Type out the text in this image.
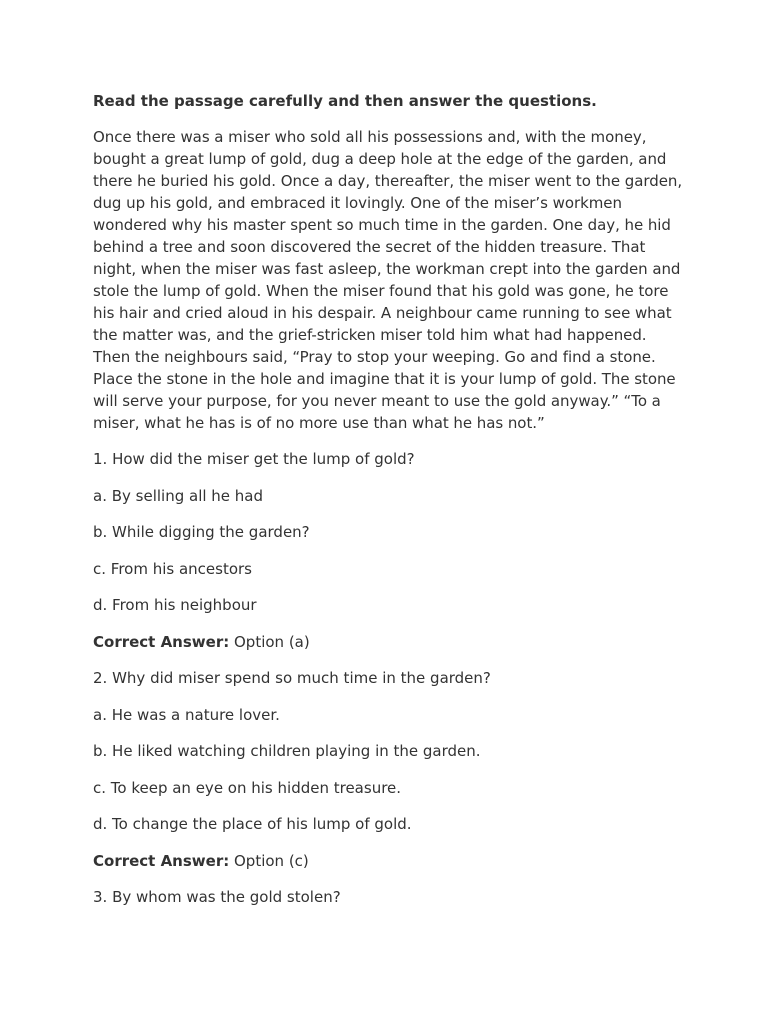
Read the passage carefully and then answer the questions.

Once there was a miser who sold all his possessions and, with the money, bought a great lump of gold, dug a deep hole at the edge of the garden, and there he buried his gold. Once a day, thereafter, the miser went to the garden, dug up his gold, and embraced it lovingly. One of the miser’s workmen wondered why his master spent so much time in the garden. One day, he hid behind a tree and soon discovered the secret of the hidden treasure. That night, when the miser was fast asleep, the workman crept into the garden and stole the lump of gold. When the miser found that his gold was gone, he tore his hair and cried aloud in his despair. A neighbour came running to see what the matter was, and the grief-stricken miser told him what had happened. Then the neighbours said, “Pray to stop your weeping. Go and find a stone. Place the stone in the hole and imagine that it is your lump of gold. The stone will serve your purpose, for you never meant to use the gold anyway.” “To a miser, what he has is of no more use than what he has not.”

1. How did the miser get the lump of gold?

a. By selling all he had

b. While digging the garden?

c. From his ancestors

d. From his neighbour

Correct Answer: Option (a)

2. Why did miser spend so much time in the garden?

a. He was a nature lover.

b. He liked watching children playing in the garden.

c. To keep an eye on his hidden treasure.

d. To change the place of his lump of gold.

Correct Answer: Option (c)

3. By whom was the gold stolen?
